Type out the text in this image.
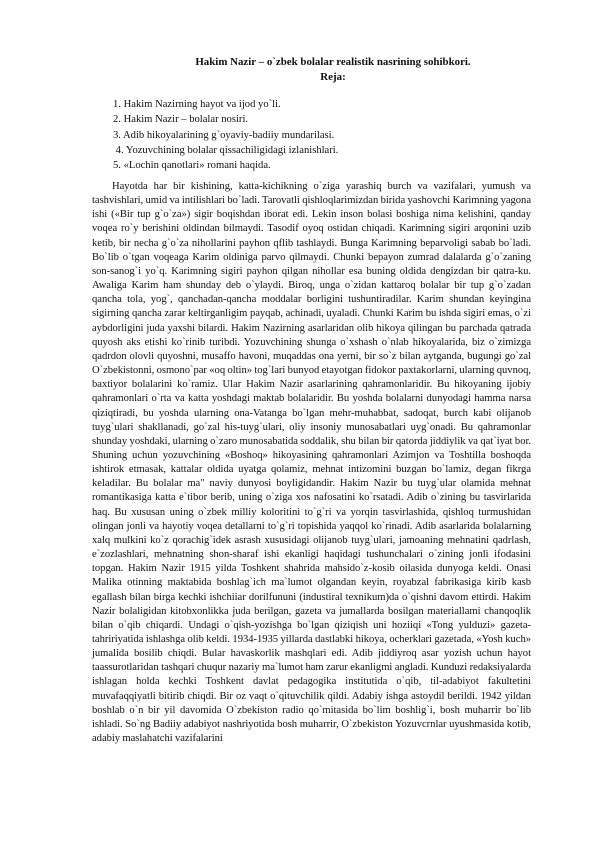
Hakim Nazir – o`zbek bolalar realistik nasrining sohibkori.
Reja:
1. Hakim Nazirning hayot va ijod yo`li.
2. Hakim Nazir – bolalar nosiri.
3. Adib hikoyalarining g`oyaviy-badiiy mundarilasi.
4. Yozuvchining bolalar qissachiligidagi izlanishlari.
5. «Lochin qanotlari» romani haqida.
Hayotda har bir kishining, katta-kichikning o`ziga yarashiq burch va vazifalari, yumush va tashvishlari, umid va intilishlari bo`ladi. Tarovatli qishloqlarimizdan birida yashovchi Karimning yagona ishi («Bir tup g`o`za») sigir boqishdan iborat edi. Lekin inson bolasi boshiga nima kelishini, qanday voqea ro`y berishini oldindan bilmaydi. Tasodif oyoq ostidan chiqadi. Karimning sigiri arqonini uzib ketib, bir necha g`o`za nihollarini payhon qflib tashlaydi. Bunga Karimning beparvoligi sabab bo`ladi. Bo`lib o`tgan voqeaga Karim oldiniga parvo qilmaydi. Chunki bepayon zumrad dalalarda g`o`zaning son-sanog`i yo`q. Karimning sigiri payhon qilgan nihollar esa buning oldida dengizdan bir qatra-ku. Awaliga Karim ham shunday deb o`ylaydi. Biroq, unga o`zidan kattaroq bolalar bir tup g`o`zadan qancha tola, yog`, qanchadan-qancha moddalar borligini tushuntiradilar. Karim shundan keyingina sigirning qancha zarar keltirganligim payqab, achinadi, uyaladi. Chunki Karim bu ishda sigiri emas, o`zi aybdorligini juda yaxshi bilardi. Hakim Nazirning asarlaridan olib hikoya qilingan bu parchada qatrada quyosh aks etishi ko`rinib turibdi. Yozuvchining shunga o`xshash o`nlab hikoyalarida, biz o`zimizga qadrdon olovli quyoshni, musaffo havoni, muqaddas ona yerni, bir so`z bilan aytganda, bugungi go`zal O`zbekistonni, osmono`par «oq oltin» tog`lari bunyod etayotgan fidokor paxtakorlarni, ularning quvnoq, baxtiyor bolalarini ko`ramiz. Ular Hakim Nazir asarlarining qahramonlaridir. Bu hikoyaning ijobiy qahramonlari o`rta va katta yoshdagi maktab bolalaridir. Bu yoshda bolalarni dunyodagi hamma narsa qiziqtiradi, bu yoshda ularning ona-Vatanga bo`lgan mehr-muhabbat, sadoqat, burch kabi olijanob tuyg`ulari shakllanadi, go`zal his-tuyg`ulari, oliy insoniy munosabatlari uyg`onadi. Bu qahramonlar shunday yoshdaki, ularning o`zaro munosabatida soddalik, shu bilan bir qatorda jiddiylik va qat`iyat bor. Shuning uchun yozuvchining «Boshoq» hikoyasining qahramonlari Azimjon va Toshtilla boshoqda ishtirok etmasak, kattalar oldida uyatga qolamiz, mehnat intizomini buzgan bo`lamiz, degan fikrga keladilar. Bu bolalar ma" naviy dunyosi boyligidandir. Hakim Nazir bu tuyg`ular olamida mehnat romantikasiga katta e`tibor berib, uning o`ziga xos nafosatini ko`rsatadi. Adib o`zining bu tasvirlarida haq. Bu xususan uning o`zbek milliy koloritini to`g`ri va yorqin tasvirlashida, qishloq turmushidan olingan jonli va hayotiy voqea detallarni to`g`ri topishida yaqqol ko`rinadi. Adib asarlarida bolalarning xalq mulkini ko`z qorachig`idek asrash xususidagi olijanob tuyg`ulari, jamoaning mehnatini qadrlash, e`zozlashlari, mehnatning shon-sharaf ishi ekanligi haqidagi tushunchalari o`zining jonli ifodasini topgan. Hakim Nazir 1915 yilda Toshkent shahrida mahsido`z-kosib oilasida dunyoga keldi. Onasi Malika otinning maktabida boshlag`ich ma`lumot olgandan keyin, royabzal fabrikasiga kirib kasb egallash bilan birga kechki ishchiiar dorilfununi (industiral texnikum)da o`qishni davom ettirdi. Hakim Nazir bolaligidan kitobxonlikka juda berilgan, gazeta va jumallarda bosilgan materiallami chanqoqlik bilan o`qib chiqardi. Undagi o`qish-yozishga bo`lgan qiziqish uni hoziiqi «Tong yulduzi» gazeta-tahririyatida ishlashga olib keldi. 1934-1935 yillarda dastlabki hikoya, ocherklari gazetada, «Yosh kuch» jumalida bosilib chiqdi. Bular havaskorlik mashqlari edi. Adib jiddiyroq asar yozish uchun hayot taassurotlaridan tashqari chuqur nazariy ma`lumot ham zarur ekanligmi angladi. Kunduzi redaksiyalarda ishlagan holda kechki Toshkent davlat pedagogika institutida o`qib, til-adabiyot fakultetini muvafaqqiyatli bitirib chiqdi. Bir oz vaqt o`qituvchilik qildi. Adabiy ishga astoydil berildi. 1942 yildan boshlab o`n bir yil davomida O`zbekiston radio qo`mitasida bo`lim boshlig`i, bosh muharrir bo`lib ishladi. So`ng Badiiy adabiyot nashriyotida bosh muharrir, O`zbekiston Yozuvcrnlar uyushmasida kotib, adabiy maslahatchi vazifalarini
